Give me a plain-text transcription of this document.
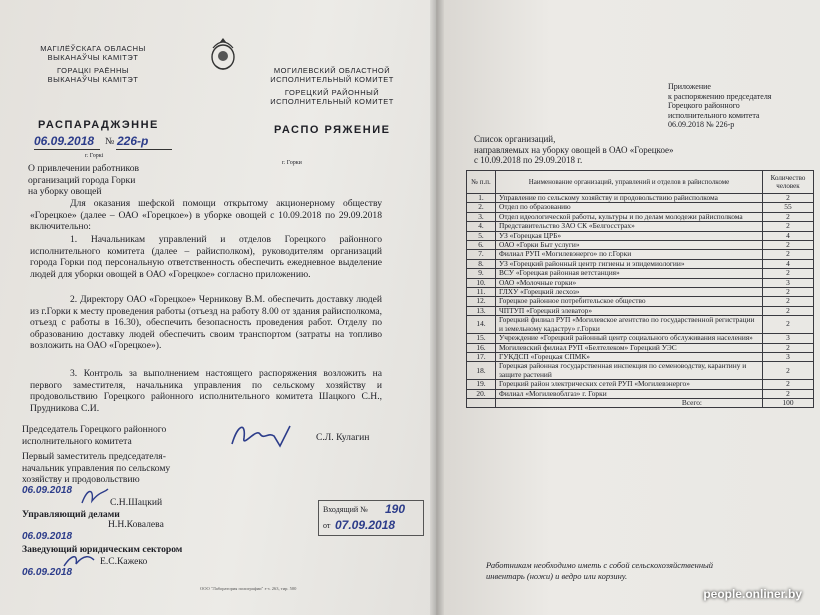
МАГІЛЁЎСКАГА ОБЛАСНЫ
ВЫКАНАЎЧЫ КАМІТЭТ
ГОРАЦКІ РАЁННЫ
ВЫКАНАЎЧЫ КАМІТЭТ
МОГИЛЕВСКИЙ ОБЛАСТНОЙ
ИСПОЛНИТЕЛЬНЫЙ КОМИТЕТ
ГОРЕЦКИЙ РАЙОННЫЙ
ИСПОЛНИТЕЛЬНЫЙ КОМИТЕТ
РАСПАРАДЖЭННЕ	РАСПО РЯЖЕНИЕ
06.09.2018 № 226-р
г. Горкі
г. Горки
О привлечении работников
организаций города Горки
на уборку овощей
Для оказания шефской помощи открытому акционерному обществу «Горецкое» (далее – ОАО «Горецкое») в уборке овощей с 10.09.2018 по 29.09.2018 включительно:
1. Начальникам управлений и отделов Горецкого районного исполнительного комитета (далее – райисполком), руководителям организаций города Горки под персональную ответственность обеспечить ежедневное выделение людей для уборки овощей в ОАО «Горецкое» согласно приложению.
2. Директору ОАО «Горецкое» Черникову В.М. обеспечить доставку людей из г.Горки к месту проведения работы (отъезд на работу 8.00 от здания райисполкома, отъезд с работы в 16.30), обеспечить безопасность проведения работ. Отделу по образованию доставку людей обеспечить своим транспортом (затраты на топливо возложить на ОАО «Горецкое»).
3. Контроль за выполнением настоящего распоряжения возложить на первого заместителя, начальника управления по сельскому хозяйству и продовольствию Горецкого районного исполнительного комитета Шацкого С.Н., Прудникова С.И.
Председатель Горецкого районного
исполнительного комитета	С.Л. Кулагин
Первый заместитель председателя-
начальник управления по сельскому
хозяйству и продовольствию
06.09.2018
С.Н.Шацкий
Управляющий делами
Н.Н.Ковалева
06.09.2018
Заведующий юридическим сектором
Е.С.Кажеко
06.09.2018
Входящий № 190
от 07.09.2018
ООО "Лаборатория полиграфии" з-з. 263, тир. 500
Приложение
к распоряжению председателя
Горецкого районного
исполнительного комитета
06.09.2018 № 226-р
Список организаций,
направляемых на уборку овощей в ОАО «Горецкое»
с 10.09.2018 по 29.09.2018 г.
№ п.п.	Наименование организаций, управлений и отделов в райисполкоме	Количество человек
1.	Управление по сельскому хозяйству и продовольствию райисполкома	2
2.	Отдел по образованию	55
3.	Отдел идеологической работы, культуры и по делам молодежи райисполкома	2
4.	Представительство ЗАО СК «Белгосстрах»	2
5.	УЗ «Горецкая ЦРБ»	4
6.	ОАО «Горки Быт услуги»	2
7.	Филиал РУП «Могилевэнерго» по г.Горки	2
8.	УЗ «Горецкий районный центр гигиены и эпидемиологии»	4
9.	ВСУ «Горецкая районная ветстанция»	2
10.	ОАО «Молочные горки»	3
11.	ГЛХУ «Горецкий лесхоз»	2
12.	Горецкое районное потребительское общество	2
13.	ЧПТУП «Горецкий элеватор»	2
14.	Горецкий филиал РУП «Могилевское агентство по государственной регистрации и земельному кадастру» г.Горки	2
15.	Учреждение «Горецкий районный центр социального обслуживания населения»	3
16.	Могилевский филиал РУП «Белтелеком» Горецкий УЭС	2
17.	ГУКДСП «Горецкая СПМК»	3
18.	Горецкая районная государственная инспекция по семеноводству, карантину и защите растений	2
19.	Горецкий район электрических сетей РУП «Могилевэнерго»	2
20.	Филиал «Могилевоблгаз» г. Горки	2
	Всего:	100
Работникам необходимо иметь с собой сельскохозяйственный
инвентарь (ножи) и ведро или корзину.
people.onliner.by
